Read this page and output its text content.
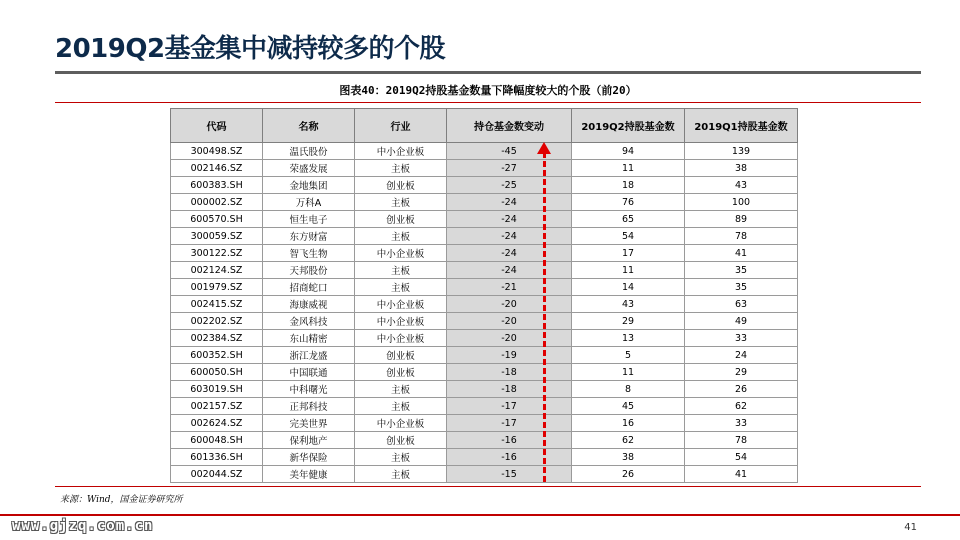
2019Q2基金集中减持较多的个股
图表40：2019Q2持股基金数量下降幅度较大的个股（前20）
代码	名称	行业	持仓基金数变动	2019Q2持股基金数	2019Q1持股基金数
300498.SZ	温氏股份	中小企业板	-45	94	139
002146.SZ	荣盛发展	主板	-27	11	38
600383.SH	金地集团	创业板	-25	18	43
000002.SZ	万科A	主板	-24	76	100
600570.SH	恒生电子	创业板	-24	65	89
300059.SZ	东方财富	主板	-24	54	78
300122.SZ	智飞生物	中小企业板	-24	17	41
002124.SZ	天邦股份	主板	-24	11	35
001979.SZ	招商蛇口	主板	-21	14	35
002415.SZ	海康威视	中小企业板	-20	43	63
002202.SZ	金风科技	中小企业板	-20	29	49
002384.SZ	东山精密	中小企业板	-20	13	33
600352.SH	浙江龙盛	创业板	-19	5	24
600050.SH	中国联通	创业板	-18	11	29
603019.SH	中科曙光	主板	-18	8	26
002157.SZ	正邦科技	主板	-17	45	62
002624.SZ	完美世界	中小企业板	-17	16	33
600048.SH	保利地产	创业板	-16	62	78
601336.SH	新华保险	主板	-16	38	54
002044.SZ	美年健康	主板	-15	26	41
来源：Wind，国金证券研究所
www.gjzq.com.cn	41
